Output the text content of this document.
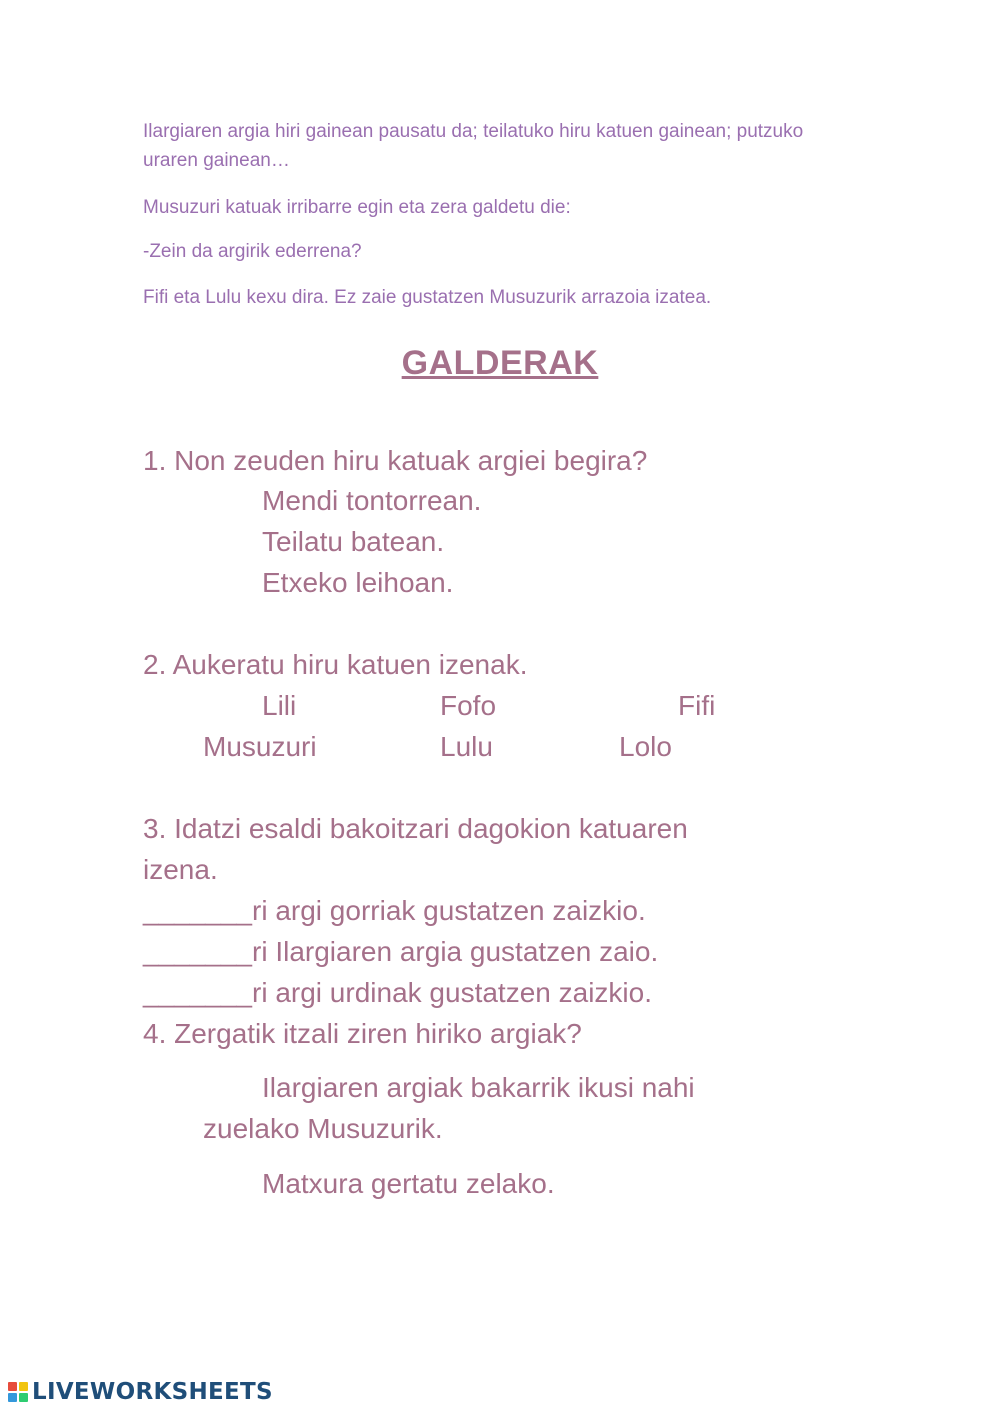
Ilargiaren argia hiri gainean pausatu da; teilatuko hiru katuen gainean; putzuko uraren gainean…

Musuzuri katuak irribarre egin eta zera galdetu die:

-Zein da argirik ederrena?

Fifi eta Lulu kexu dira. Ez zaie gustatzen Musuzurik arrazoia izatea.

GALDERAK
1. Non zeuden hiru katuak argiei begira?
Mendi tontorrean.
Teilatu batean.
Etxeko leihoan.
2. Aukeratu hiru katuen izenak.
Lili	Fofo	Fifi
Musuzuri	Lulu	Lolo
3. Idatzi esaldi bakoitzari dagokion katuaren
izena.
_______ri argi gorriak gustatzen zaizkio.
_______ri Ilargiaren argia gustatzen zaio.
_______ri argi urdinak gustatzen zaizkio.
4. Zergatik itzali ziren hiriko argiak?
Ilargiaren argiak bakarrik ikusi nahi
zuelako Musuzurik.
Matxura gertatu zelako.
LIVEWORKSHEETS
